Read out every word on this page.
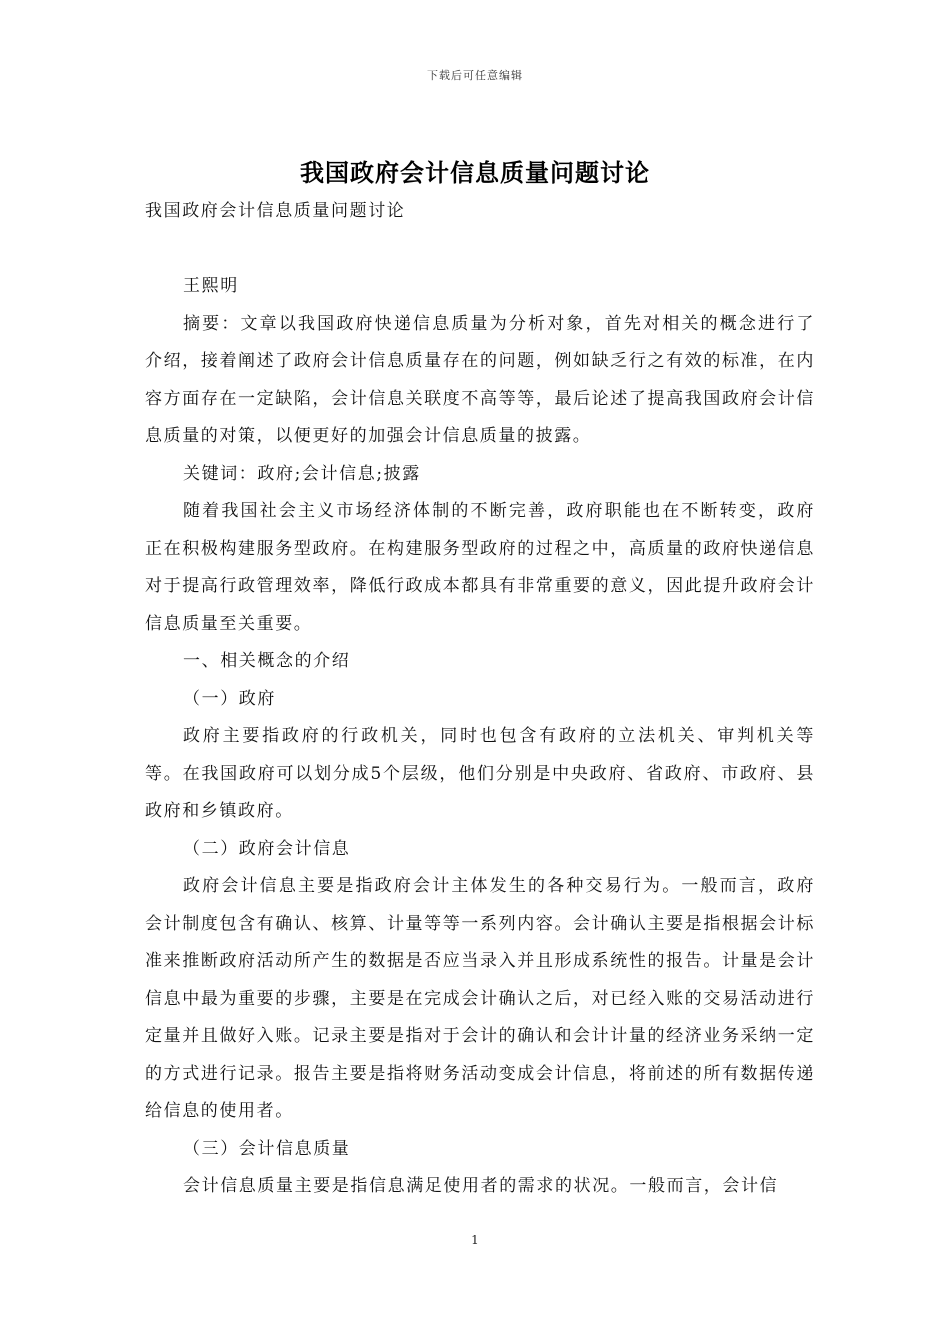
下载后可任意编辑
我国政府会计信息质量问题讨论

我国政府会计信息质量问题讨论

王熙明

摘要：文章以我国政府快递信息质量为分析对象，首先对相关的概念进行了介绍，接着阐述了政府会计信息质量存在的问题，例如缺乏行之有效的标准，在内容方面存在一定缺陷，会计信息关联度不高等等，最后论述了提高我国政府会计信息质量的对策，以便更好的加强会计信息质量的披露。

关键词：政府;会计信息;披露

随着我国社会主义市场经济体制的不断完善，政府职能也在不断转变，政府正在积极构建服务型政府。在构建服务型政府的过程之中，高质量的政府快递信息对于提高行政管理效率，降低行政成本都具有非常重要的意义，因此提升政府会计信息质量至关重要。

一、相关概念的介绍

（一）政府

政府主要指政府的行政机关，同时也包含有政府的立法机关、审判机关等等。在我国政府可以划分成5个层级，他们分别是中央政府、省政府、市政府、县政府和乡镇政府。

（二）政府会计信息

政府会计信息主要是指政府会计主体发生的各种交易行为。一般而言，政府会计制度包含有确认、核算、计量等等一系列内容。会计确认主要是指根据会计标准来推断政府活动所产生的数据是否应当录入并且形成系统性的报告。计量是会计信息中最为重要的步骤，主要是在完成会计确认之后，对已经入账的交易活动进行定量并且做好入账。记录主要是指对于会计的确认和会计计量的经济业务采纳一定的方式进行记录。报告主要是指将财务活动变成会计信息，将前述的所有数据传递给信息的使用者。

（三）会计信息质量

会计信息质量主要是指信息满足使用者的需求的状况。一般而言，会计信

1
